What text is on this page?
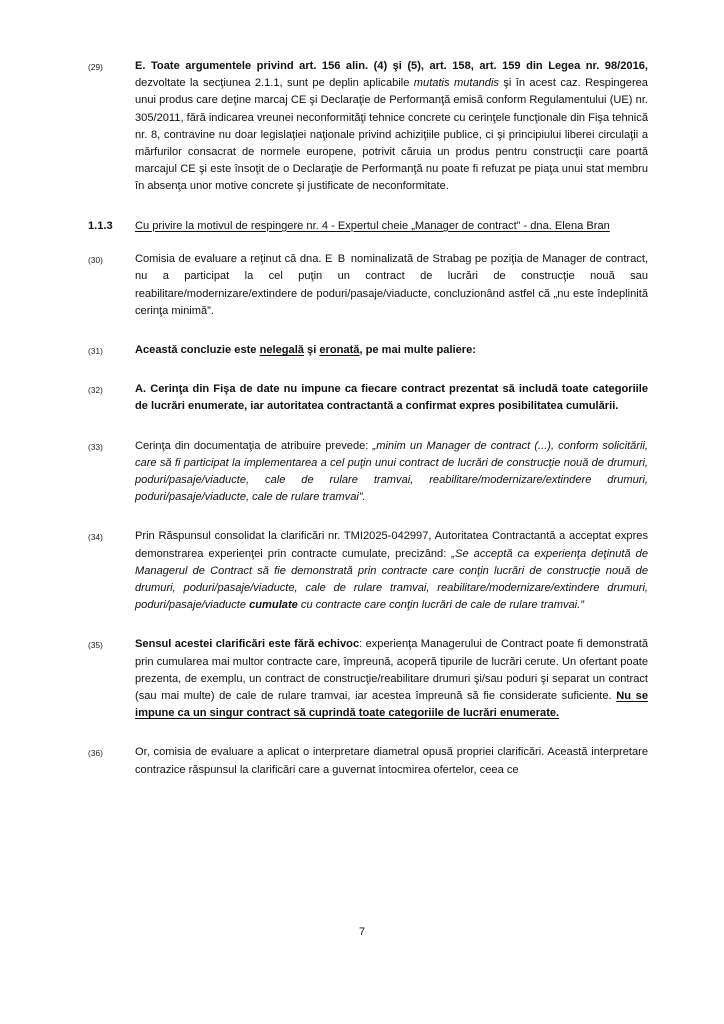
(29)	E. Toate argumentele privind art. 156 alin. (4) şi (5), art. 158, art. 159 din Legea nr. 98/2016, dezvoltate la secţiunea 2.1.1, sunt pe deplin aplicabile mutatis mutandis şi în acest caz. Respingerea unui produs care deţine marcaj CE şi Declaraţie de Performanţă emisă conform Regulamentului (UE) nr. 305/2011, fără indicarea vreunei neconformităţi tehnice concrete cu cerinţele funcţionale din Fişa tehnică nr. 8, contravine nu doar legislaţiei naţionale privind achiziţiile publice, ci şi principiului liberei circulaţii a mărfurilor consacrat de normele europene, potrivit căruia un produs pentru construcţii care poartă marcajul CE şi este însoţit de o Declaraţie de Performanţă nu poate fi refuzat pe piaţa unui stat membru în absenţa unor motive concrete şi justificate de neconformitate.
1.1.3	Cu privire la motivul de respingere nr. 4 - Expertul cheie „Manager de contract” - dna. Elena Bran
(30)	Comisia de evaluare a reţinut că dna. E  B  nominalizată de Strabag pe poziţia de Manager de contract, nu a participat la cel puţin un contract de lucrări de construcţie nouă sau reabilitare/modernizare/extindere de poduri/pasaje/viaducte, concluzionând astfel că „nu este îndeplinită cerinţa minimă”.
(31)	Această concluzie este nelegală şi eronată, pe mai multe paliere:
(32)	A. Cerinţa din Fişa de date nu impune ca fiecare contract prezentat să includă toate categoriile de lucrări enumerate, iar autoritatea contractantă a confirmat expres posibilitatea cumulării.
(33)	Cerinţa din documentaţia de atribuire prevede: „minim un Manager de contract (...), conform solicitării, care să fi participat la implementarea a cel puţin unui contract de lucrări de construcţie nouă de drumuri, poduri/pasaje/viaducte, cale de rulare tramvai, reabilitare/modernizare/extindere drumuri, poduri/pasaje/viaducte, cale de rulare tramvai”.
(34)	Prin Răspunsul consolidat la clarificări nr. TMI2025-042997, Autoritatea Contractantă a acceptat expres demonstrarea experienţei prin contracte cumulate, precizând: „Se acceptă ca experienţa deţinută de Managerul de Contract să fie demonstrată prin contracte care conţin lucrări de construcţie nouă de drumuri, poduri/pasaje/viaducte, cale de rulare tramvai, reabilitare/modernizare/extindere drumuri, poduri/pasaje/viaducte cumulate cu contracte care conţin lucrări de cale de rulare tramvai.”
(35)	Sensul acestei clarificări este fără echivoc: experienţa Managerului de Contract poate fi demonstrată prin cumularea mai multor contracte care, împreună, acoperă tipurile de lucrări cerute. Un ofertant poate prezenta, de exemplu, un contract de construcţie/reabilitare drumuri şi/sau poduri şi separat un contract (sau mai multe) de cale de rulare tramvai, iar acestea împreună să fie considerate suficiente. Nu se impune ca un singur contract să cuprindă toate categoriile de lucrări enumerate.
(36)	Or, comisia de evaluare a aplicat o interpretare diametral opusă propriei clarificări. Această interpretare contrazice răspunsul la clarificări care a guvernat întocmirea ofertelor, ceea ce
7
